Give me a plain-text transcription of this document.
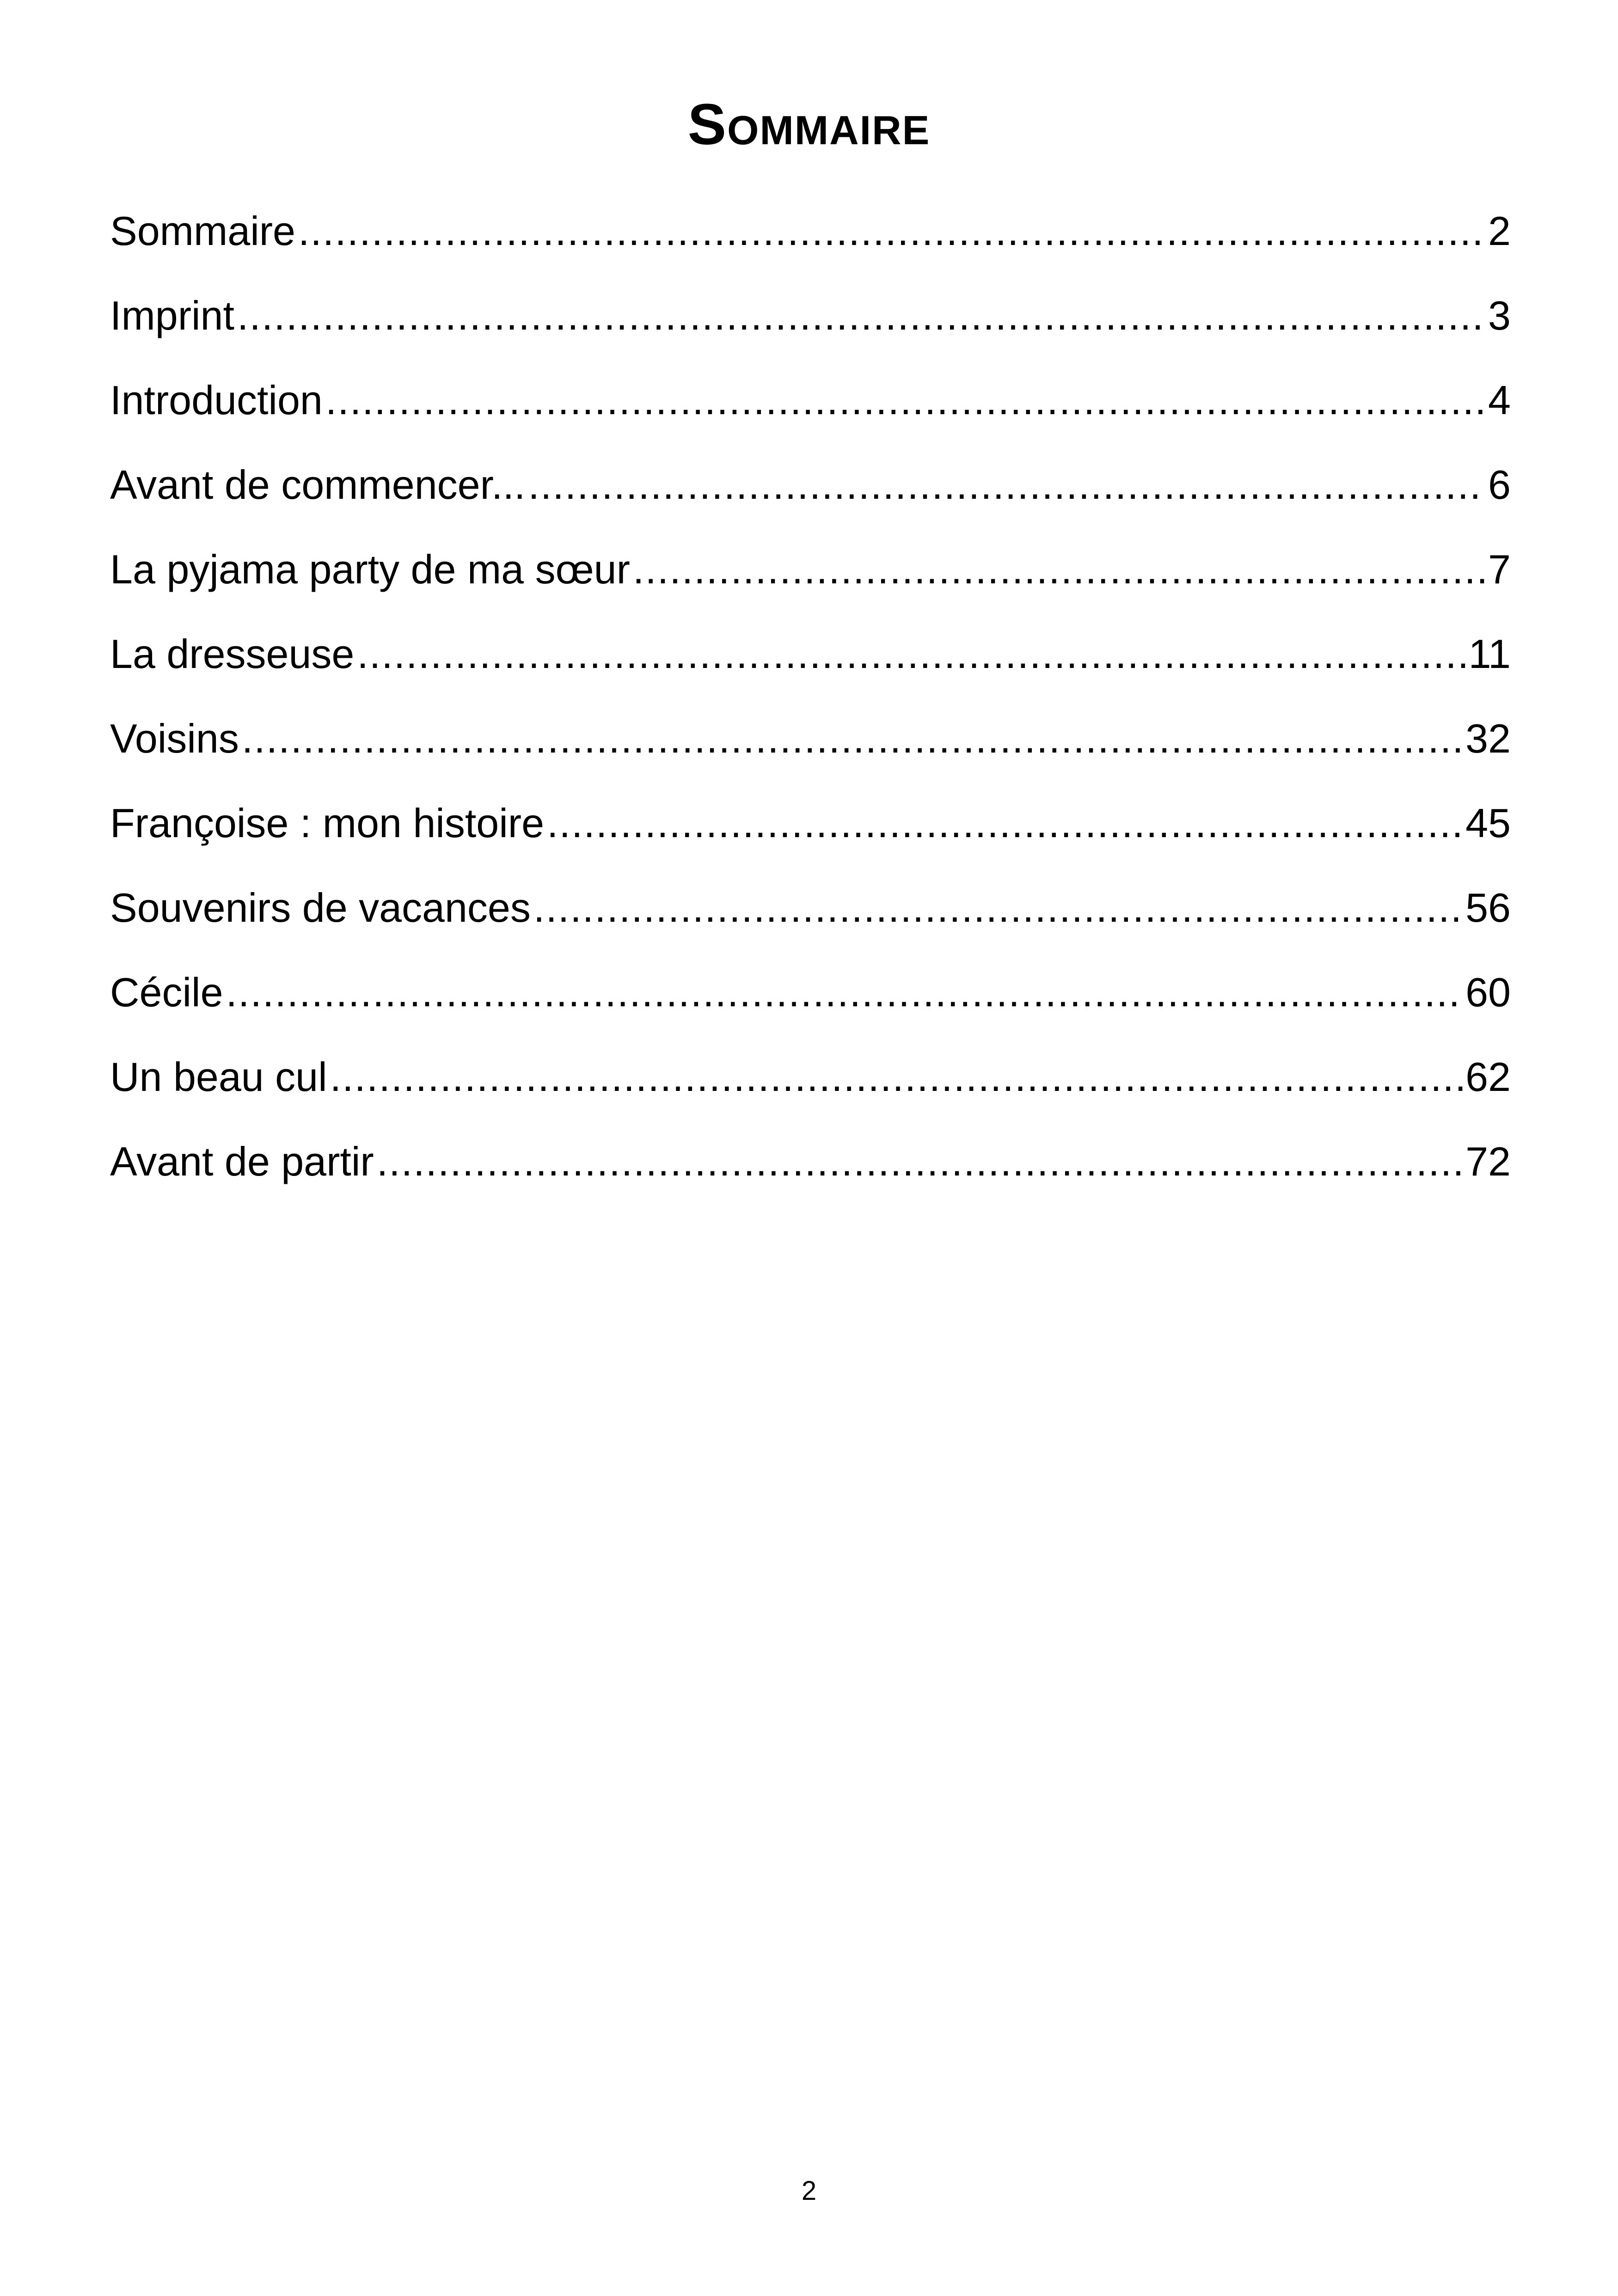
Sommaire
Sommaire .....	2
Imprint .....	3
Introduction .....	4
Avant de commencer... .....	6
La pyjama party de ma sœur .....	7
La dresseuse .....	11
Voisins .....	32
Françoise : mon histoire .....	45
Souvenirs de vacances .....	56
Cécile .....	60
Un beau cul .....	62
Avant de partir .....	72
2
